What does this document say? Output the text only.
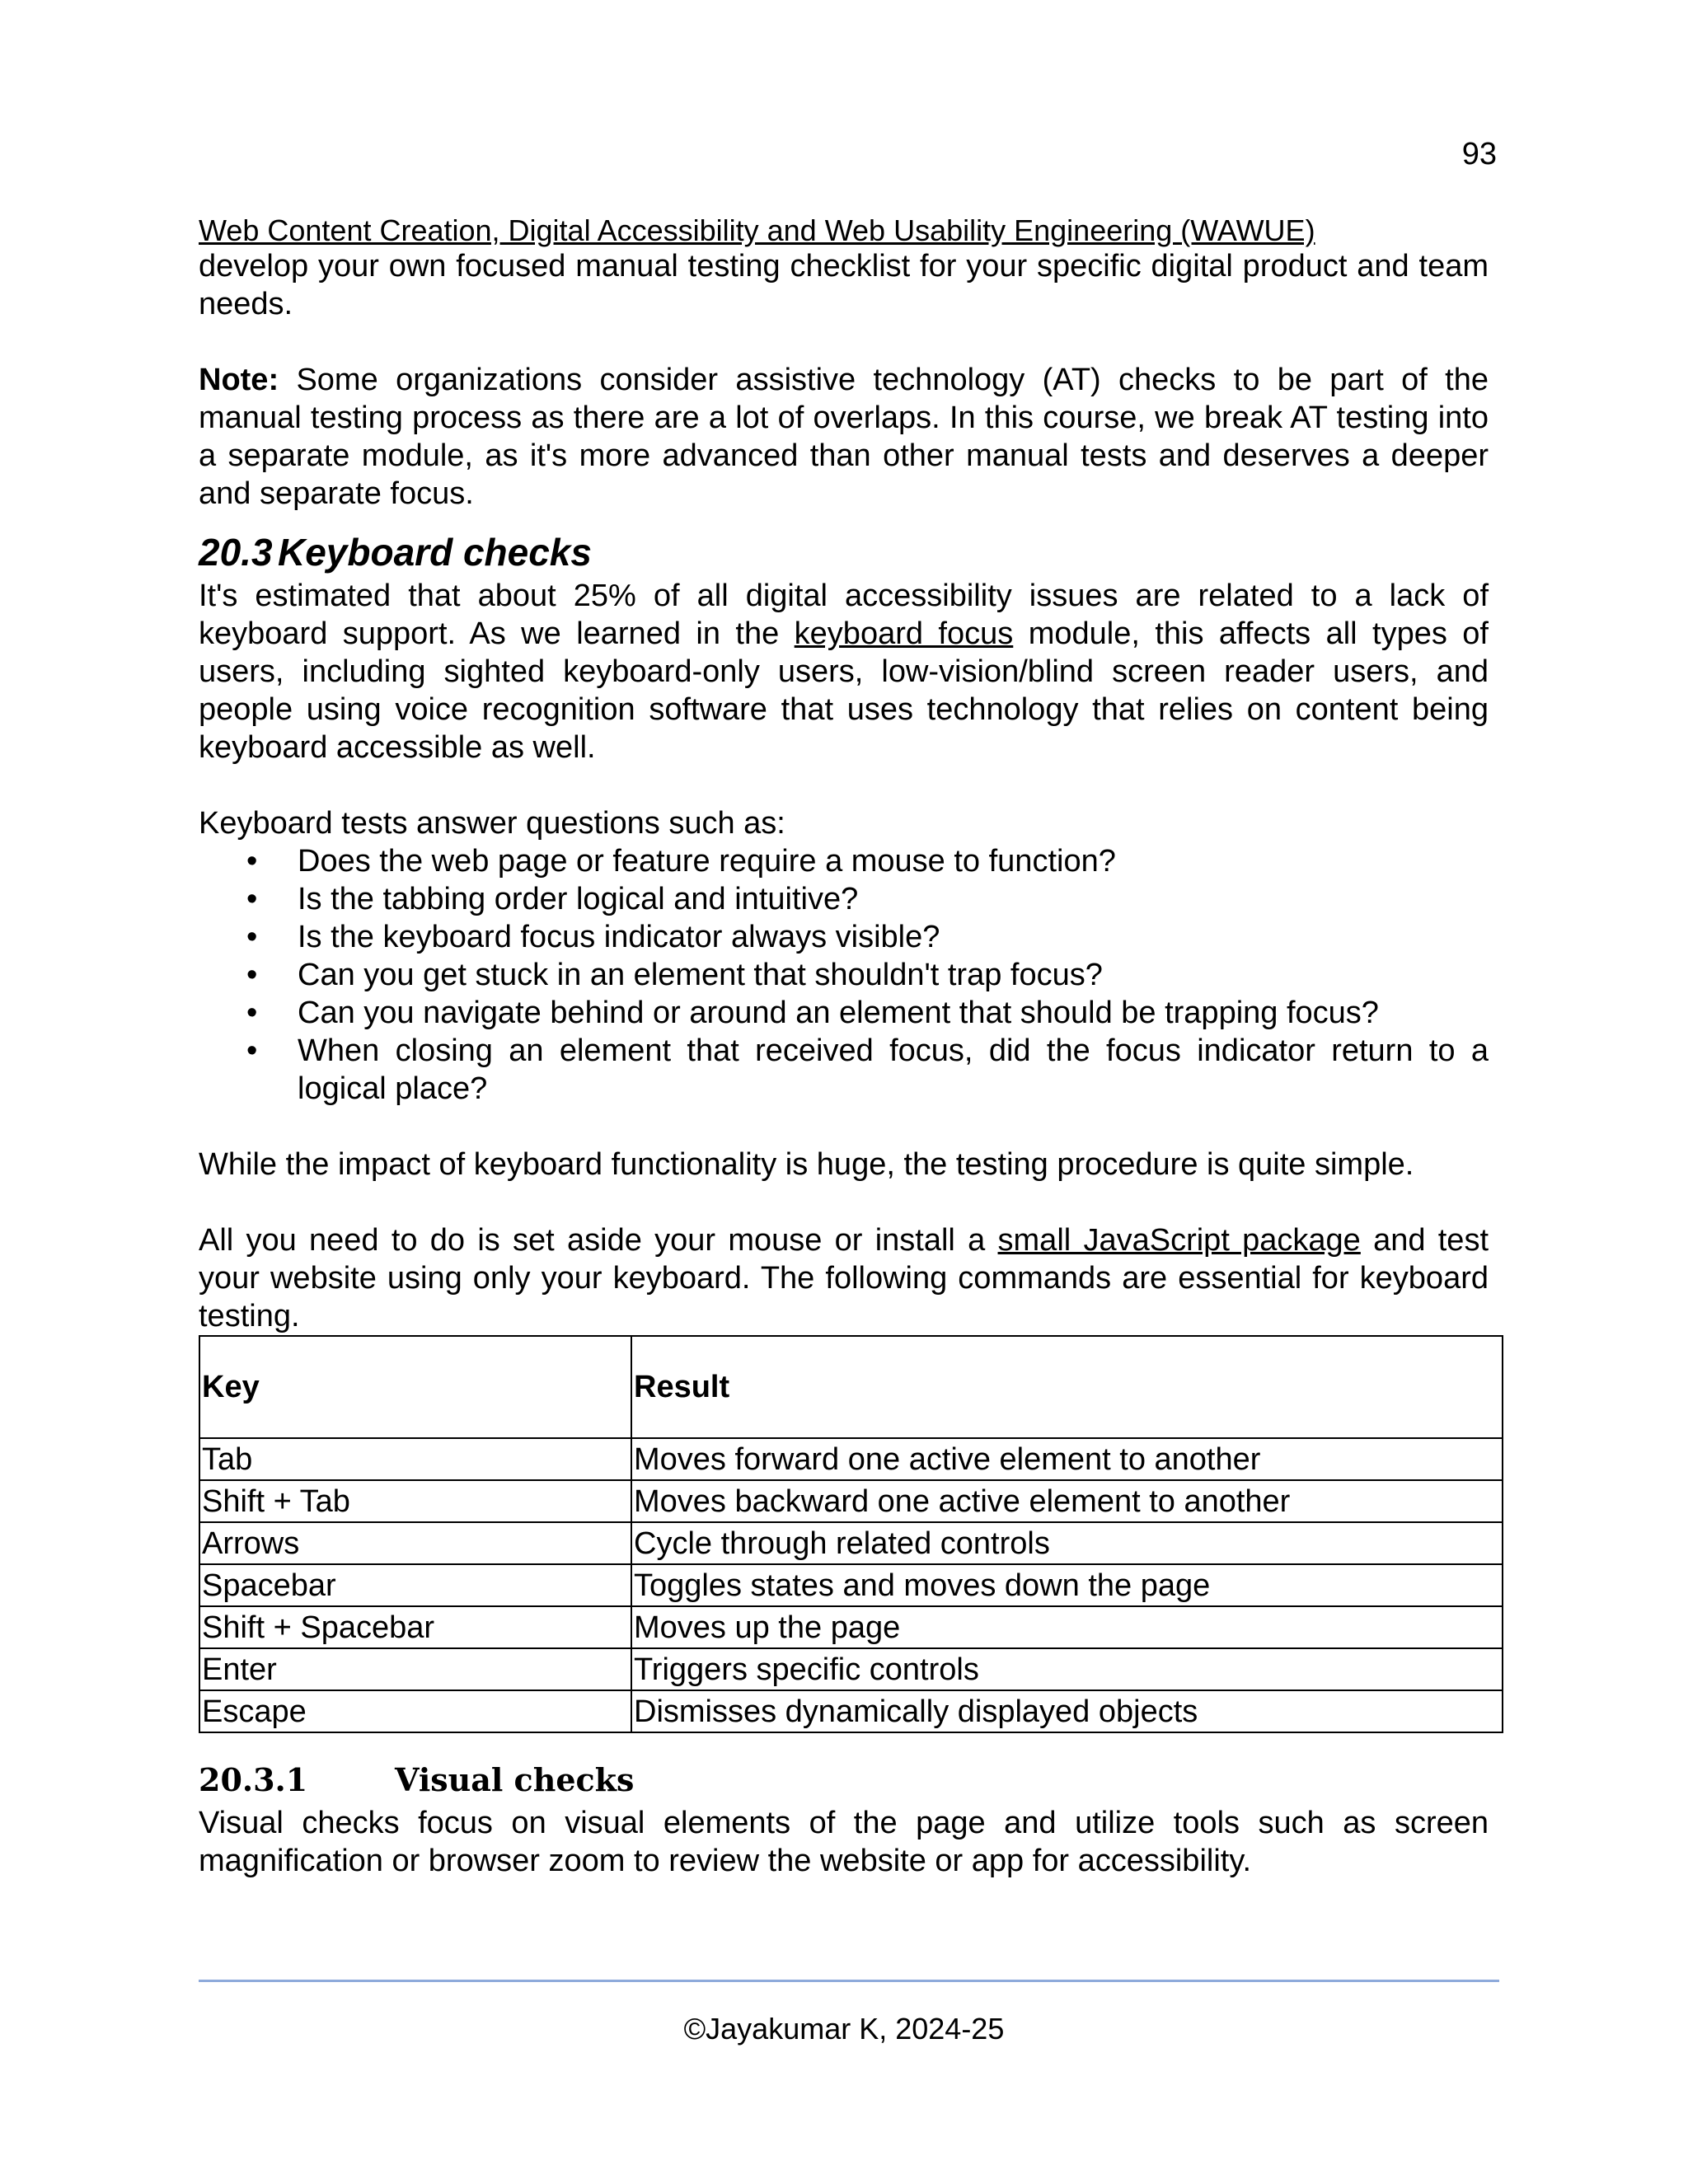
93
Web Content Creation, Digital Accessibility and Web Usability Engineering (WAWUE)

develop your own focused manual testing checklist for your specific digital product and team needs.

Note: Some organizations consider assistive technology (AT) checks to be part of the manual testing process as there are a lot of overlaps. In this course, we break AT testing into a separate module, as it's more advanced than other manual tests and deserves a deeper and separate focus.

20.3 Keyboard checks

It's estimated that about 25% of all digital accessibility issues are related to a lack of keyboard support. As we learned in the keyboard focus module, this affects all types of users, including sighted keyboard-only users, low-vision/blind screen reader users, and people using voice recognition software that uses technology that relies on content being keyboard accessible as well.

Keyboard tests answer questions such as:

• Does the web page or feature require a mouse to function?
• Is the tabbing order logical and intuitive?
• Is the keyboard focus indicator always visible?
• Can you get stuck in an element that shouldn't trap focus?
• Can you navigate behind or around an element that should be trapping focus?
• When closing an element that received focus, did the focus indicator return to a logical place?

While the impact of keyboard functionality is huge, the testing procedure is quite simple.

All you need to do is set aside your mouse or install a small JavaScript package and test your website using only your keyboard. The following commands are essential for keyboard testing.

Key	Result
Tab	Moves forward one active element to another
Shift + Tab	Moves backward one active element to another
Arrows	Cycle through related controls
Spacebar	Toggles states and moves down the page
Shift + Spacebar	Moves up the page
Enter	Triggers specific controls
Escape	Dismisses dynamically displayed objects
20.3.1	Visual checks

Visual checks focus on visual elements of the page and utilize tools such as screen magnification or browser zoom to review the website or app for accessibility.

©Jayakumar K, 2024-25
